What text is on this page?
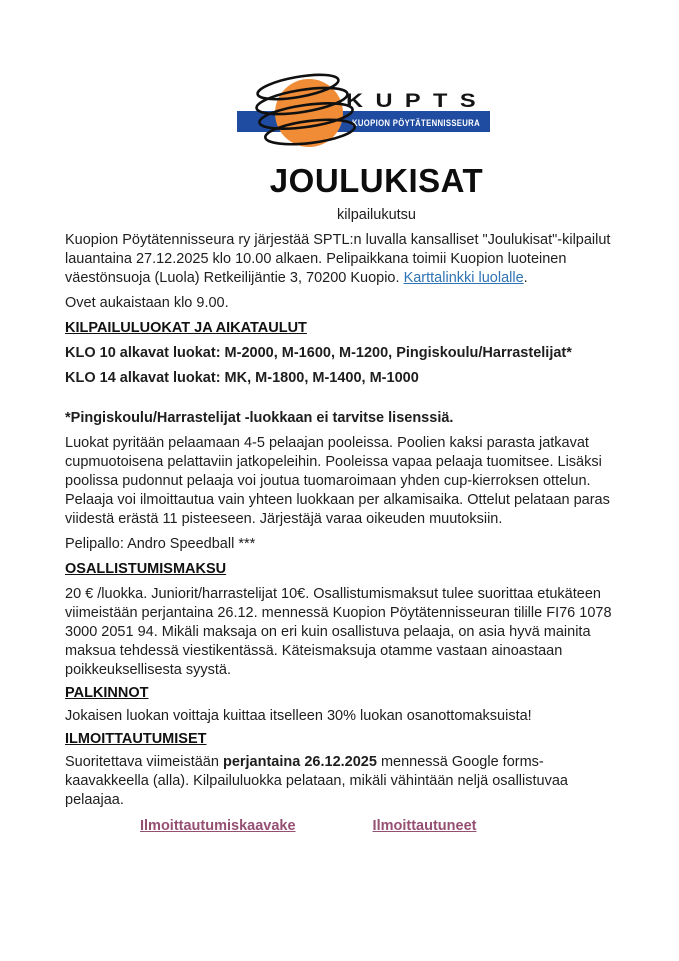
KUOPION PÖYTÄTENNISSEURA
KUPTS
JOULUKISAT
kilpailukutsu

Kuopion Pöytätennisseura ry järjestää SPTL:n luvalla kansalliset "Joulukisat"-kilpailut lauantaina 27.12.2025 klo 10.00 alkaen. Pelipaikkana toimii Kuopion luoteinen väestönsuoja (Luola) Retkeilijäntie 3, 70200 Kuopio. Karttalinkki luolalle.

Ovet aukaistaan klo 9.00.

KILPAILULUOKAT JA AIKATAULUT

KLO 10 alkavat luokat: M-2000, M-1600, M-1200, Pingiskoulu/Harrastelijat*

KLO 14 alkavat luokat: MK, M-1800, M-1400, M-1000

*Pingiskoulu/Harrastelijat -luokkaan ei tarvitse lisenssiä.

Luokat pyritään pelaamaan 4-5 pelaajan pooleissa. Poolien kaksi parasta jatkavat cupmuotoisena pelattaviin jatkopeleihin. Pooleissa vapaa pelaaja tuomitsee. Lisäksi poolissa pudonnut pelaaja voi joutua tuomaroimaan yhden cup-kierroksen ottelun. Pelaaja voi ilmoittautua vain yhteen luokkaan per alkamisaika. Ottelut pelataan paras viidestä erästä 11 pisteeseen. Järjestäjä varaa oikeuden muutoksiin.

Pelipallo: Andro Speedball ***

OSALLISTUMISMAKSU

20 € /luokka. Juniorit/harrastelijat 10€. Osallistumismaksut tulee suorittaa etukäteen viimeistään perjantaina 26.12. mennessä Kuopion Pöytätennisseuran tilille FI76 1078 3000 2051 94. Mikäli maksaja on eri kuin osallistuva pelaaja, on asia hyvä mainita maksua tehdessä viestikentässä. Käteismaksuja otamme vastaan ainoastaan poikkeuksellisesta syystä.

PALKINNOT

Jokaisen luokan voittaja kuittaa itselleen 30% luokan osanottomaksuista!

ILMOITTAUTUMISET

Suoritettava viimeistään perjantaina 26.12.2025 mennessä Google forms-kaavakkeella (alla). Kilpailuluokka pelataan, mikäli vähintään neljä osallistuvaa pelaajaa.

Ilmoittautumiskaavake	Ilmoittautuneet
